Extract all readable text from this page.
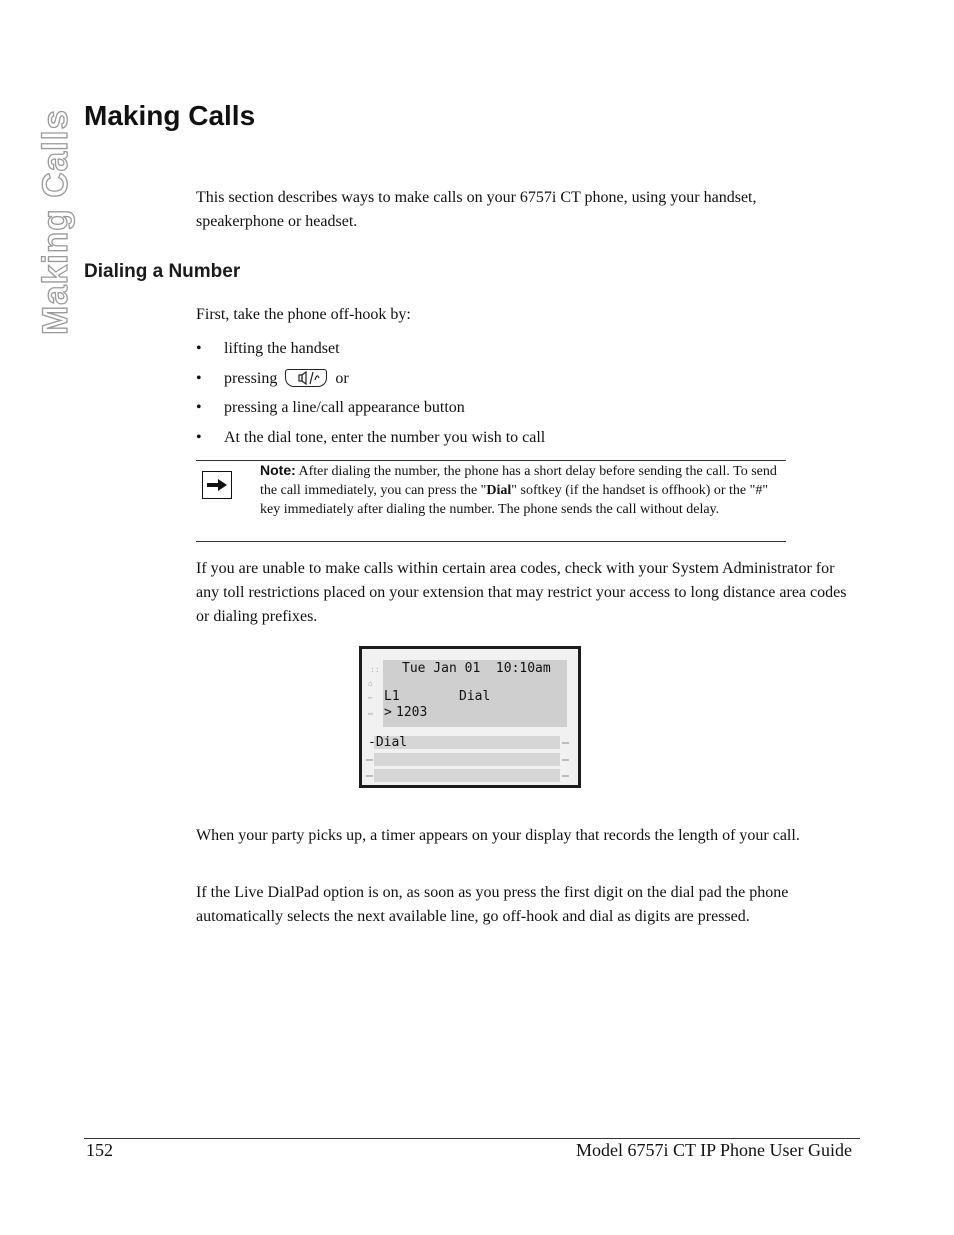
Making Calls Making Calls

This section describes ways to make calls on your 6757i CT phone, using your handset, speakerphone or headset.

Dialing a Number

First, take the phone off-hook by:

• lifting the handset
• pressing	or
• pressing a line/call appearance button
• At the dial tone, enter the number you wish to call

Note: After dialing the number, the phone has a short delay before sending the call. To send the call immediately, you can press the "Dial" softkey (if the handset is offhook) or the "#" key immediately after dialing the number. The phone sends the call without delay.

If you are unable to make calls within certain area codes, check with your System Administrator for any toll restrictions placed on your extension that may restrict your access to long distance area codes or dialing prefixes.

::
⌂
←
▭
Tue Jan 01  10:10am
L1	Dial
> 1203
-Dial

When your party picks up, a timer appears on your display that records the length of your call.

If the Live DialPad option is on, as soon as you press the first digit on the dial pad the phone automatically selects the next available line, go off-hook and dial as digits are pressed.

152	Model 6757i CT IP Phone User Guide
